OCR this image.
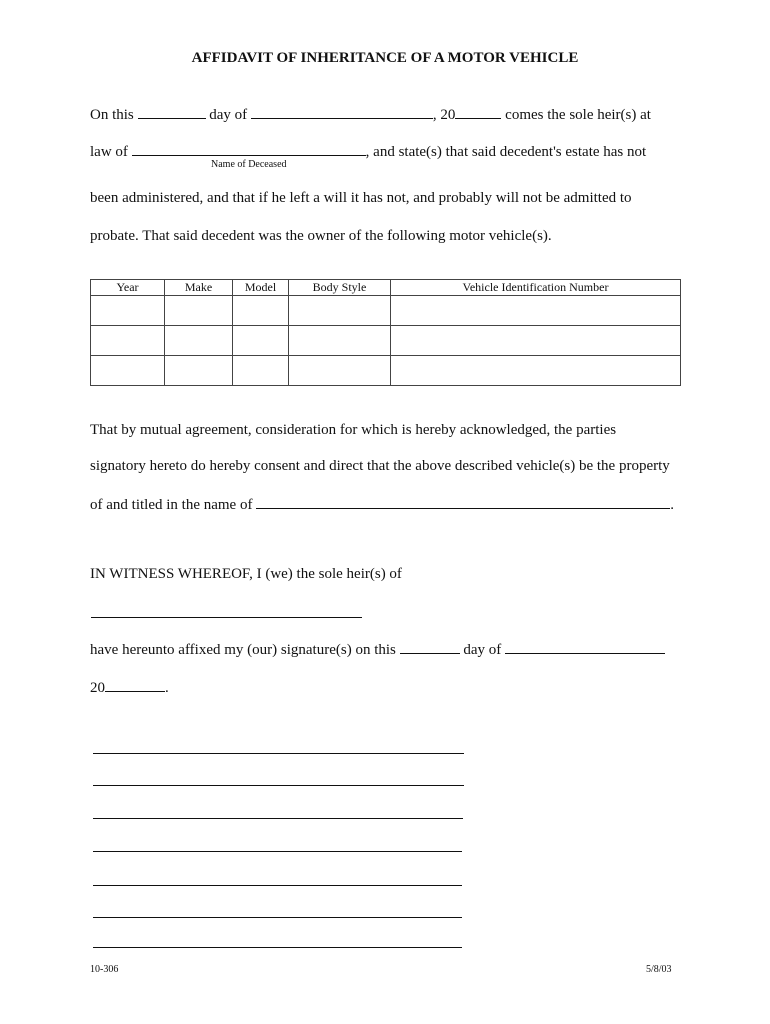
AFFIDAVIT OF INHERITANCE OF A MOTOR VEHICLE
On this	day of	, 20	comes the sole heir(s) at
law of	, and state(s) that said decedent's estate has not
Name of Deceased
been administered, and that if he left a will it has not, and probably will not be admitted to
probate. That said decedent was the owner of the following motor vehicle(s).
Year	Make	Model	Body Style	Vehicle Identification Number

That by mutual agreement, consideration for which is hereby acknowledged, the parties
signatory hereto do hereby consent and direct that the above described vehicle(s) be the property
of and titled in the name of	.
IN WITNESS WHEREOF, I (we) the sole heir(s) of
have hereunto affixed my (our) signature(s) on this	day of
20	.
10-306	5/8/03
